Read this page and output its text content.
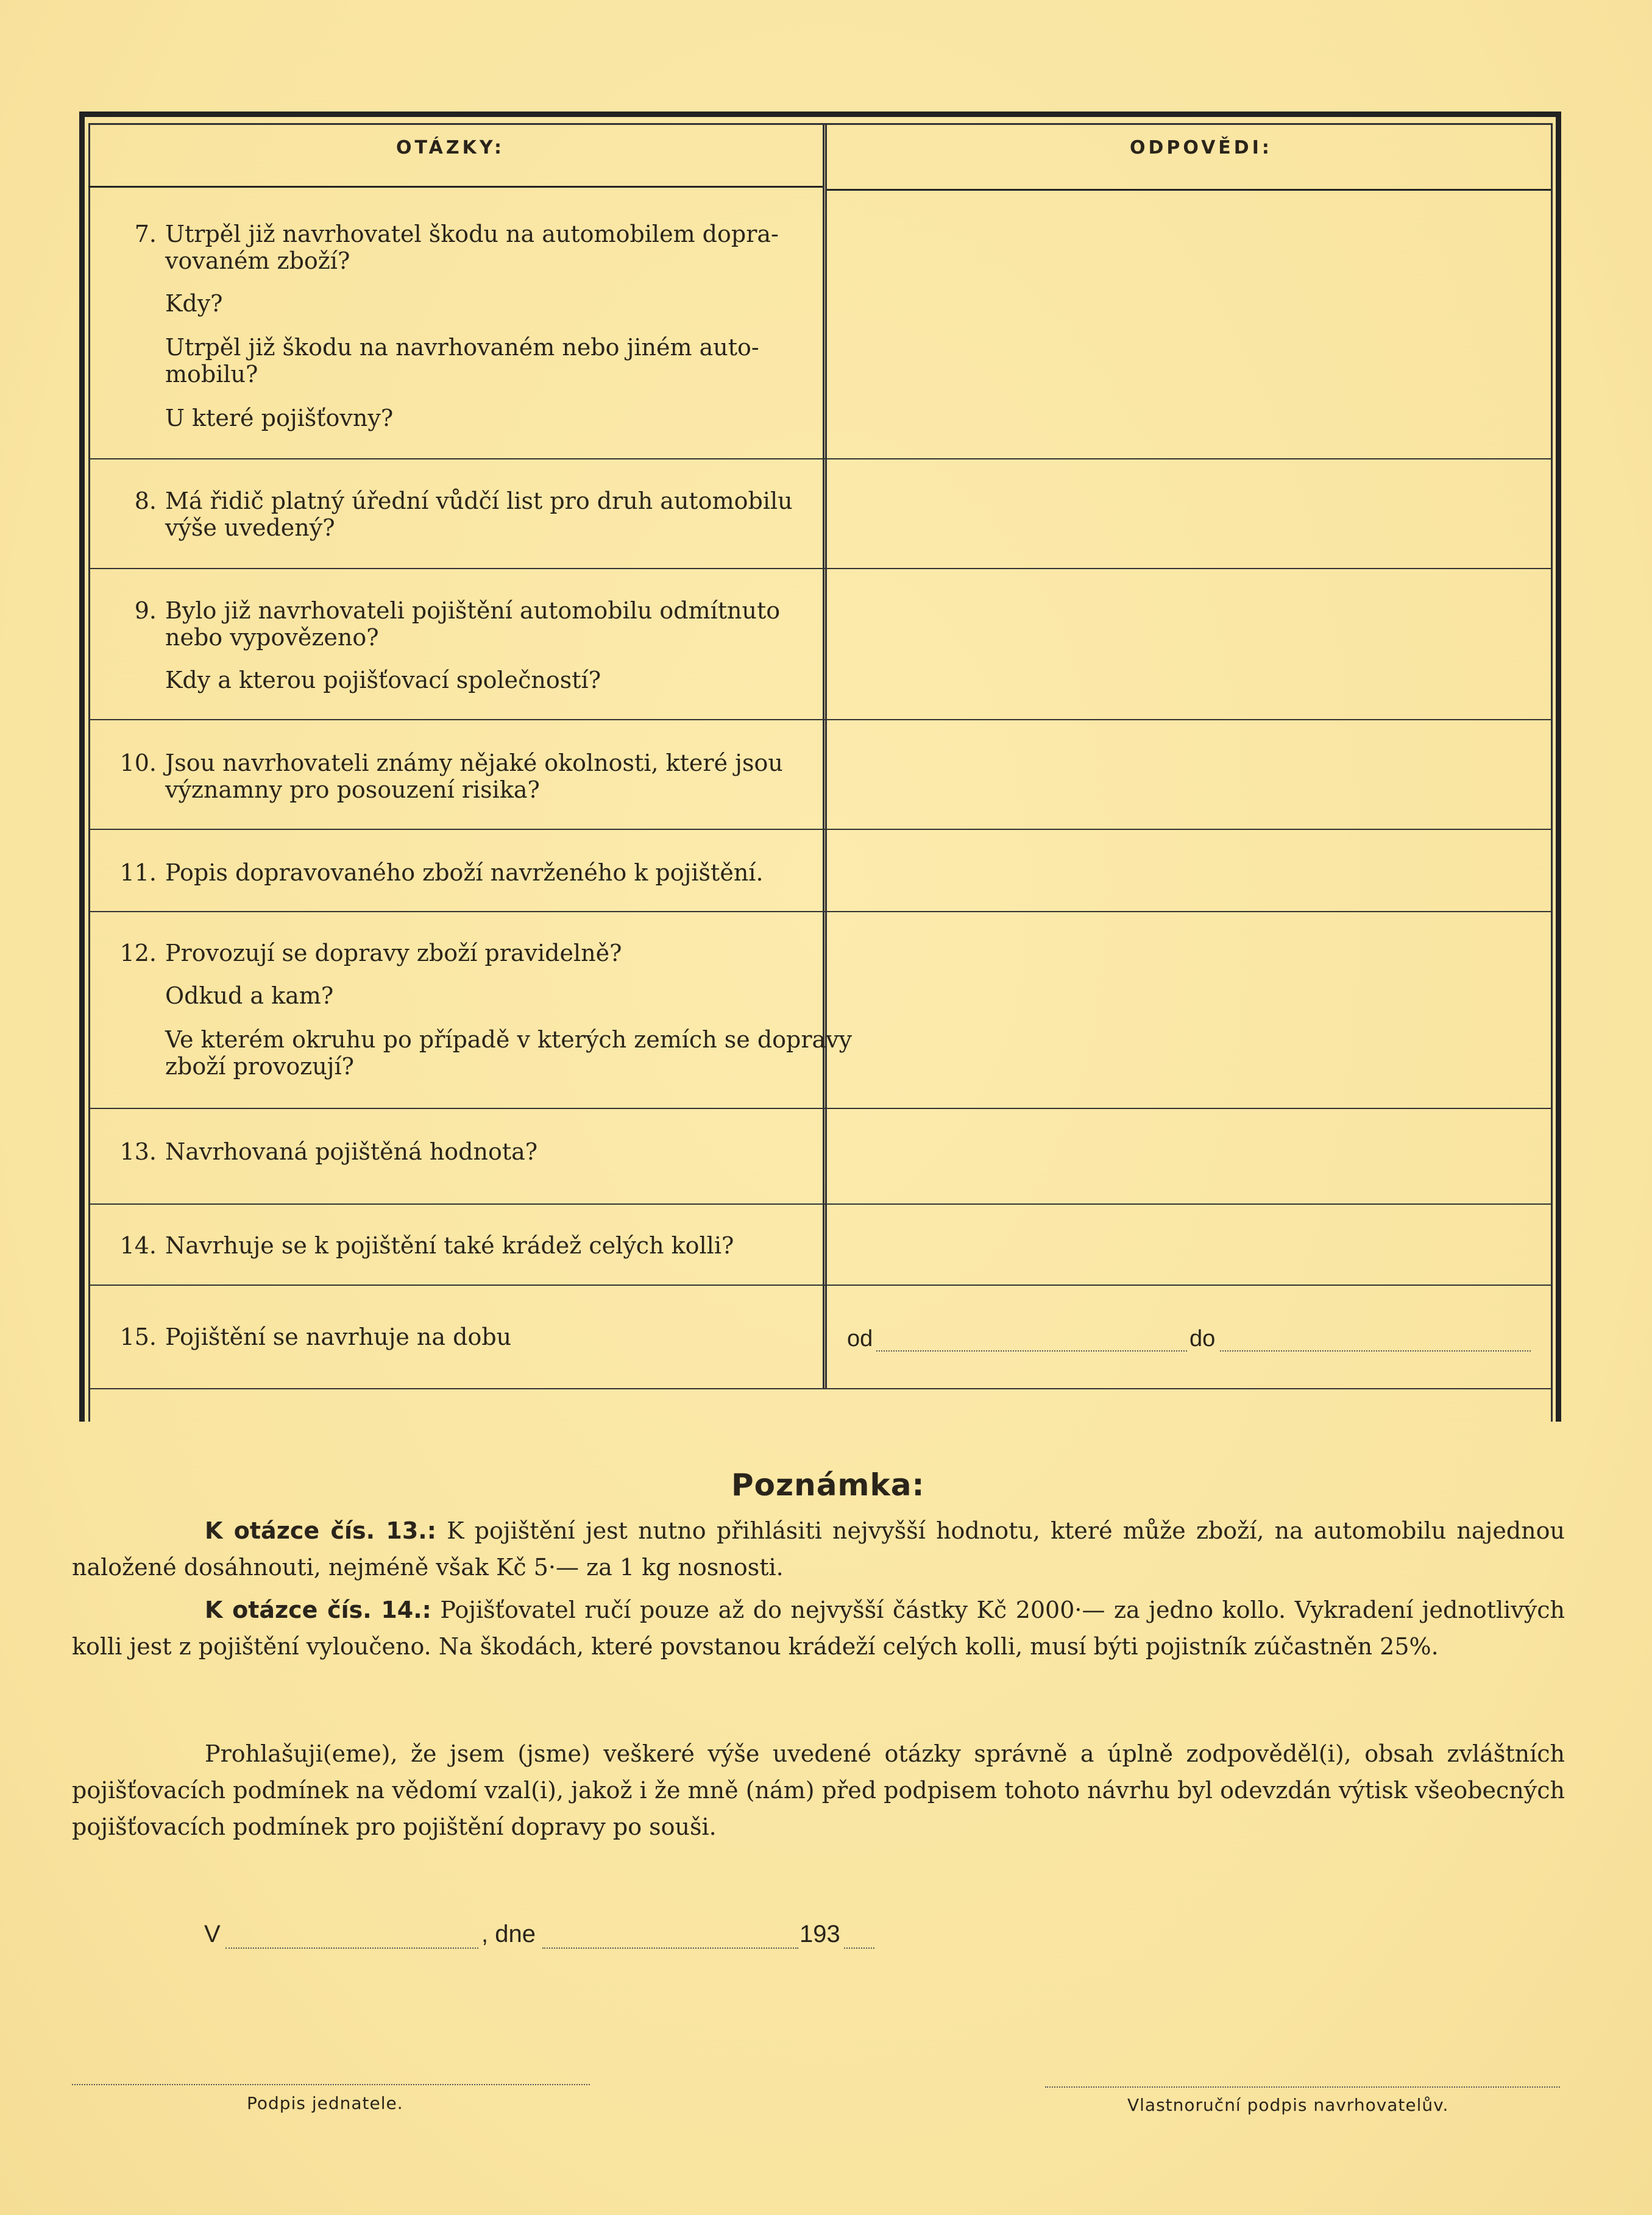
OTÁZKY:	ODPOVĚDI:
7. Utrpěl již navrhovatel škodu na automobilem dopra-
vovaném zboží?
Kdy?
Utrpěl již škodu na navrhovaném nebo jiném auto-
mobilu?
U které pojišťovny?
8. Má řidič platný úřední vůdčí list pro druh automobilu
výše uvedený?
9. Bylo již navrhovateli pojištění automobilu odmítnuto
nebo vypovězeno?
Kdy a kterou pojišťovací společností?
10. Jsou navrhovateli známy nějaké okolnosti, které jsou
významny pro posouzení risika?
11. Popis dopravovaného zboží navrženého k pojištění.
12. Provozují se dopravy zboží pravidelně?
Odkud a kam?
Ve kterém okruhu po případě v kterých zemích se dopravy
zboží provozují?
13. Navrhovaná pojištěná hodnota?
14. Navrhuje se k pojištění také krádež celých kolli?
15. Pojištění se navrhuje na dobu	od	do
Poznámka:
K otázce čís. 13.: K pojištění jest nutno přihlásiti nejvyšší hodnotu, které může zboží, na automobilu najednou naložené dosáhnouti, nejméně však Kč 5·— za 1 kg nosnosti.
K otázce čís. 14.: Pojišťovatel ručí pouze až do nejvyšší částky Kč 2000·— za jedno kollo. Vykradení jednotlivých kolli jest z pojištění vyloučeno. Na škodách, které povstanou krádeží celých kolli, musí býti pojistník zúčastněn 25%.
Prohlašuji(eme), že jsem (jsme) veškeré výše uvedené otázky správně a úplně zodpověděl(i), obsah zvláštních pojišťovacích podmínek na vědomí vzal(i), jakož i že mně (nám) před podpisem tohoto návrhu byl odevzdán výtisk všeobecných pojišťovacích podmínek pro pojištění dopravy po souši.
V	, dne	193
Podpis jednatele.	Vlastnoruční podpis navrhovatelův.
